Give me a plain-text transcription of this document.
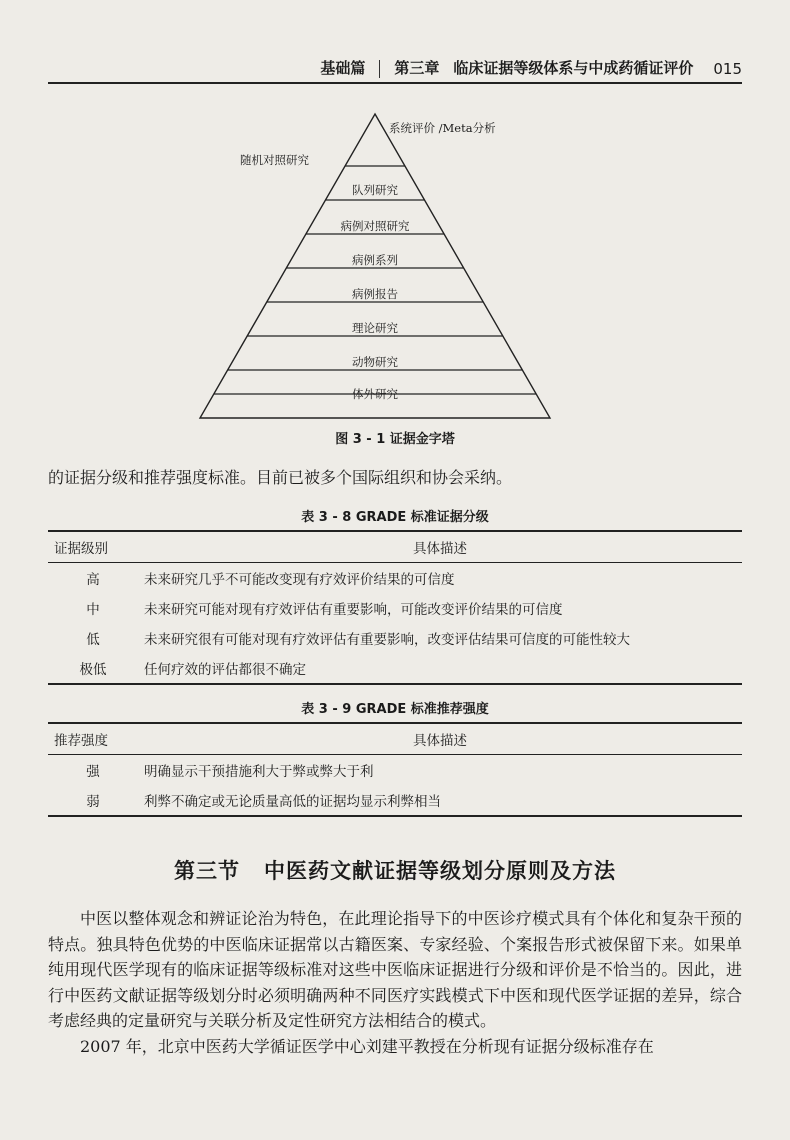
基础篇 第三章 临床证据等级体系与中成药循证评价 015
系统评价 /Meta分析
随机对照研究
队列研究
病例对照研究
病例系列
病例报告
理论研究
动物研究
体外研究
图 3 - 1 证据金字塔
的证据分级和推荐强度标准。目前已被多个国际组织和协会采纳。
表 3 - 8 GRADE 标准证据分级
证据级别	具体描述
高	未来研究几乎不可能改变现有疗效评价结果的可信度
中	未来研究可能对现有疗效评估有重要影响，可能改变评价结果的可信度
低	未来研究很有可能对现有疗效评估有重要影响，改变评估结果可信度的可能性较大
极低	任何疗效的评估都很不确定
表 3 - 9 GRADE 标准推荐强度
推荐强度	具体描述
强	明确显示干预措施利大于弊或弊大于利
弱	利弊不确定或无论质量高低的证据均显示利弊相当
第三节 中医药文献证据等级划分原则及方法

中医以整体观念和辨证论治为特色，在此理论指导下的中医诊疗模式具有个体化和复杂干预的特点。独具特色优势的中医临床证据常以古籍医案、专家经验、个案报告形式被保留下来。如果单纯用现代医学现有的临床证据等级标准对这些中医临床证据进行分级和评价是不恰当的。因此，进行中医药文献证据等级划分时必须明确两种不同医疗实践模式下中医和现代医学证据的差异，综合考虑经典的定量研究与关联分析及定性研究方法相结合的模式。

2007 年，北京中医药大学循证医学中心刘建平教授在分析现有证据分级标准存在
